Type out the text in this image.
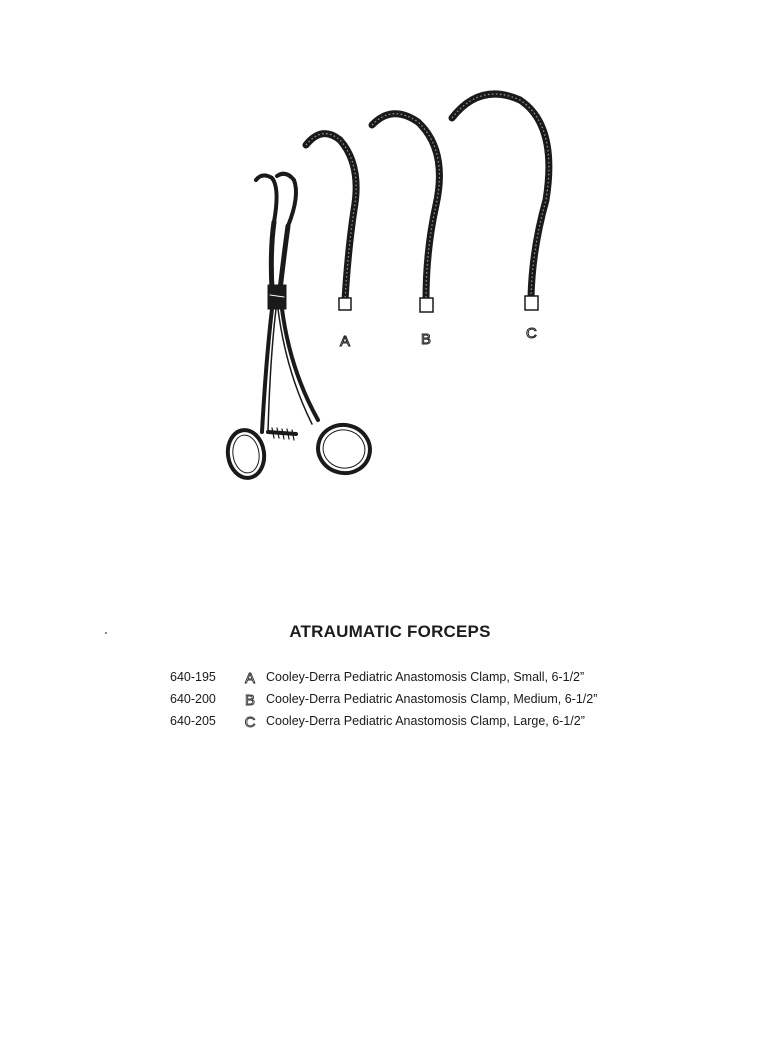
A	B	C
ATRAUMATIC FORCEPS
640-195	A Cooley-Derra Pediatric Anastomosis Clamp, Small, 6-1/2”
640-200	B Cooley-Derra Pediatric Anastomosis Clamp, Medium, 6-1/2”
640-205	C Cooley-Derra Pediatric Anastomosis Clamp, Large, 6-1/2”
